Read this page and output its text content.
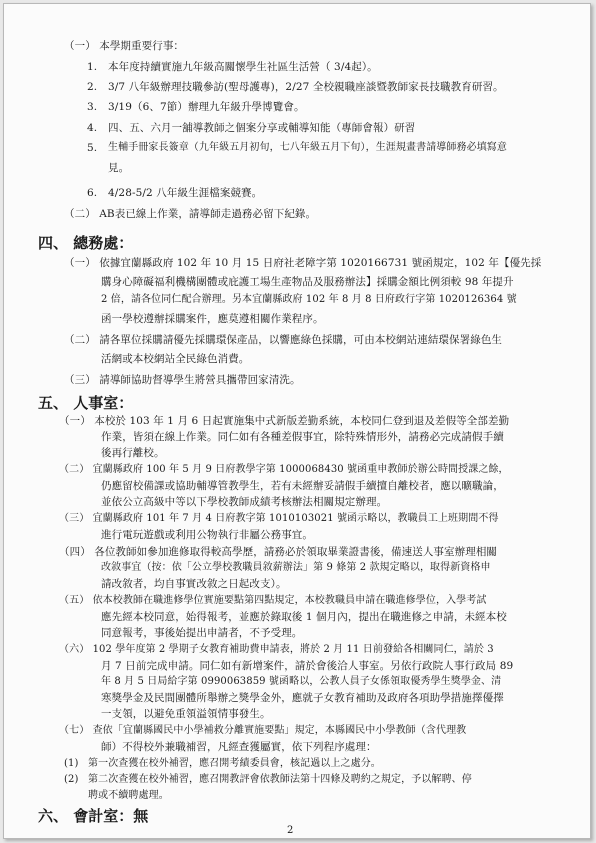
（一） 本學期重要行事：
1. 本年度持續實施九年級高關懷學生社區生活營（ 3/4起）。
2. 3/7 八年級辦理技職參訪(聖母護專)，2/27 全校親職座談暨教師家長技職教育研習。
3. 3/19（6、7節）辦理九年級升學博覽會。
4. 四、五、六月一舖導教師之個案分享或輔導知能（專師會報）研習
5. 生輔手冊家長簽章（九年級五月初旬，七八年級五月下旬），生涯規畫書請導師務必填寫意
見。
6. 4/28-5/2 八年級生涯檔案競賽。
（二） AB表已線上作業，請導師走過務必留下紀錄。
四、 總務處：
（一） 依據宜蘭縣政府 102 年 10 月 15 日府社老障字第 1020166731 號函規定，102 年【優先採
購身心障礙福利機構團體或庇護工場生產物品及服務辦法】採購金額比例須較 98 年提升
2 倍，請各位同仁配合辦理。另本宜蘭縣政府 102 年 8 月 8 日府政行字第 1020126364 號
函一學校遵辦採購案件，應莫遵相關作業程序。
（二） 請各單位採購請優先採購環保產品，以響應綠色採購，可由本校網站連結環保署綠色生
活網或本校網站全民綠色消費。
（三） 請導師協助督導學生將營具攜帶回家清洗。
五、 人事室：
（一） 本校於 103 年 1 月 6 日起實施集中式新版差勤系統，本校同仁登到退及差假等全部差勤
作業，皆須在線上作業。同仁如有各種差假事宜，除特殊情形外，請務必完成請假手續
後再行離校。
（二） 宜蘭縣政府 100 年 5 月 9 日府教學字第 1000068430 號函重申教師於辦公時間授課之餘，
仍應留校備課或協助輔導管教學生，若有未經辦妥請假手續擅自離校者，應以曠職論，
並依公立高級中等以下學校教師成績考核辦法相關規定辦理。
（三） 宜蘭縣政府 101 年 7 月 4 日府教字第 1010103021 號函示略以，教職員工上班期間不得
進行電玩遊戲或利用公物執行非屬公務事宜。
（四） 各位教師如參加進修取得較高學歷，請務必於領取畢業證書後，備速送人事室辦理相關
改敘事宜（按：依「公立學校教職員敘薪辦法」第 9 條第 2 款規定略以，取得新資格申
請改敘者，均自事實改敘之日起改支）。
（五） 依本校教師在職進修學位實施要點第四點規定，本校教職員申請在職進修學位，入學考試
應先經本校同意，始得報考，並應於錄取後 1 個月內，提出在職進修之申請，未經本校
同意報考，事後始提出申請者，不予受理。
（六） 102 學年度第 2 學期子女教育補助費申請表，將於 2 月 11 日前發給各相關同仁，請於 3
月 7 日前完成申請。同仁如有新增案件，請於會後洽人事室。另依行政院人事行政局 89
年 8 月 5 日局給字第 0990063859 號函略以，公教人員子女係領取優秀學生獎學金、清
寒獎學金及民間團體所舉辦之獎學金外，應就子女教育補助及政府各項助學措施擇優擇
一支領，以避免重領溢領情事發生。
（七） 查依「宜蘭縣國民中小學補救分離實施要點」規定，本縣國民中小學教師（含代理教
師）不得校外兼職補習，凡經查獲屬實，依下列程序處理：
(1) 第一次查獲在校外補習，應召開考績委員會，核記過以上之處分。
(2) 第二次查獲在校外補習，應召開教評會依教師法第十四條及聘約之規定，予以解聘、停
聘或不續聘處理。
六、 會計室：無
2
